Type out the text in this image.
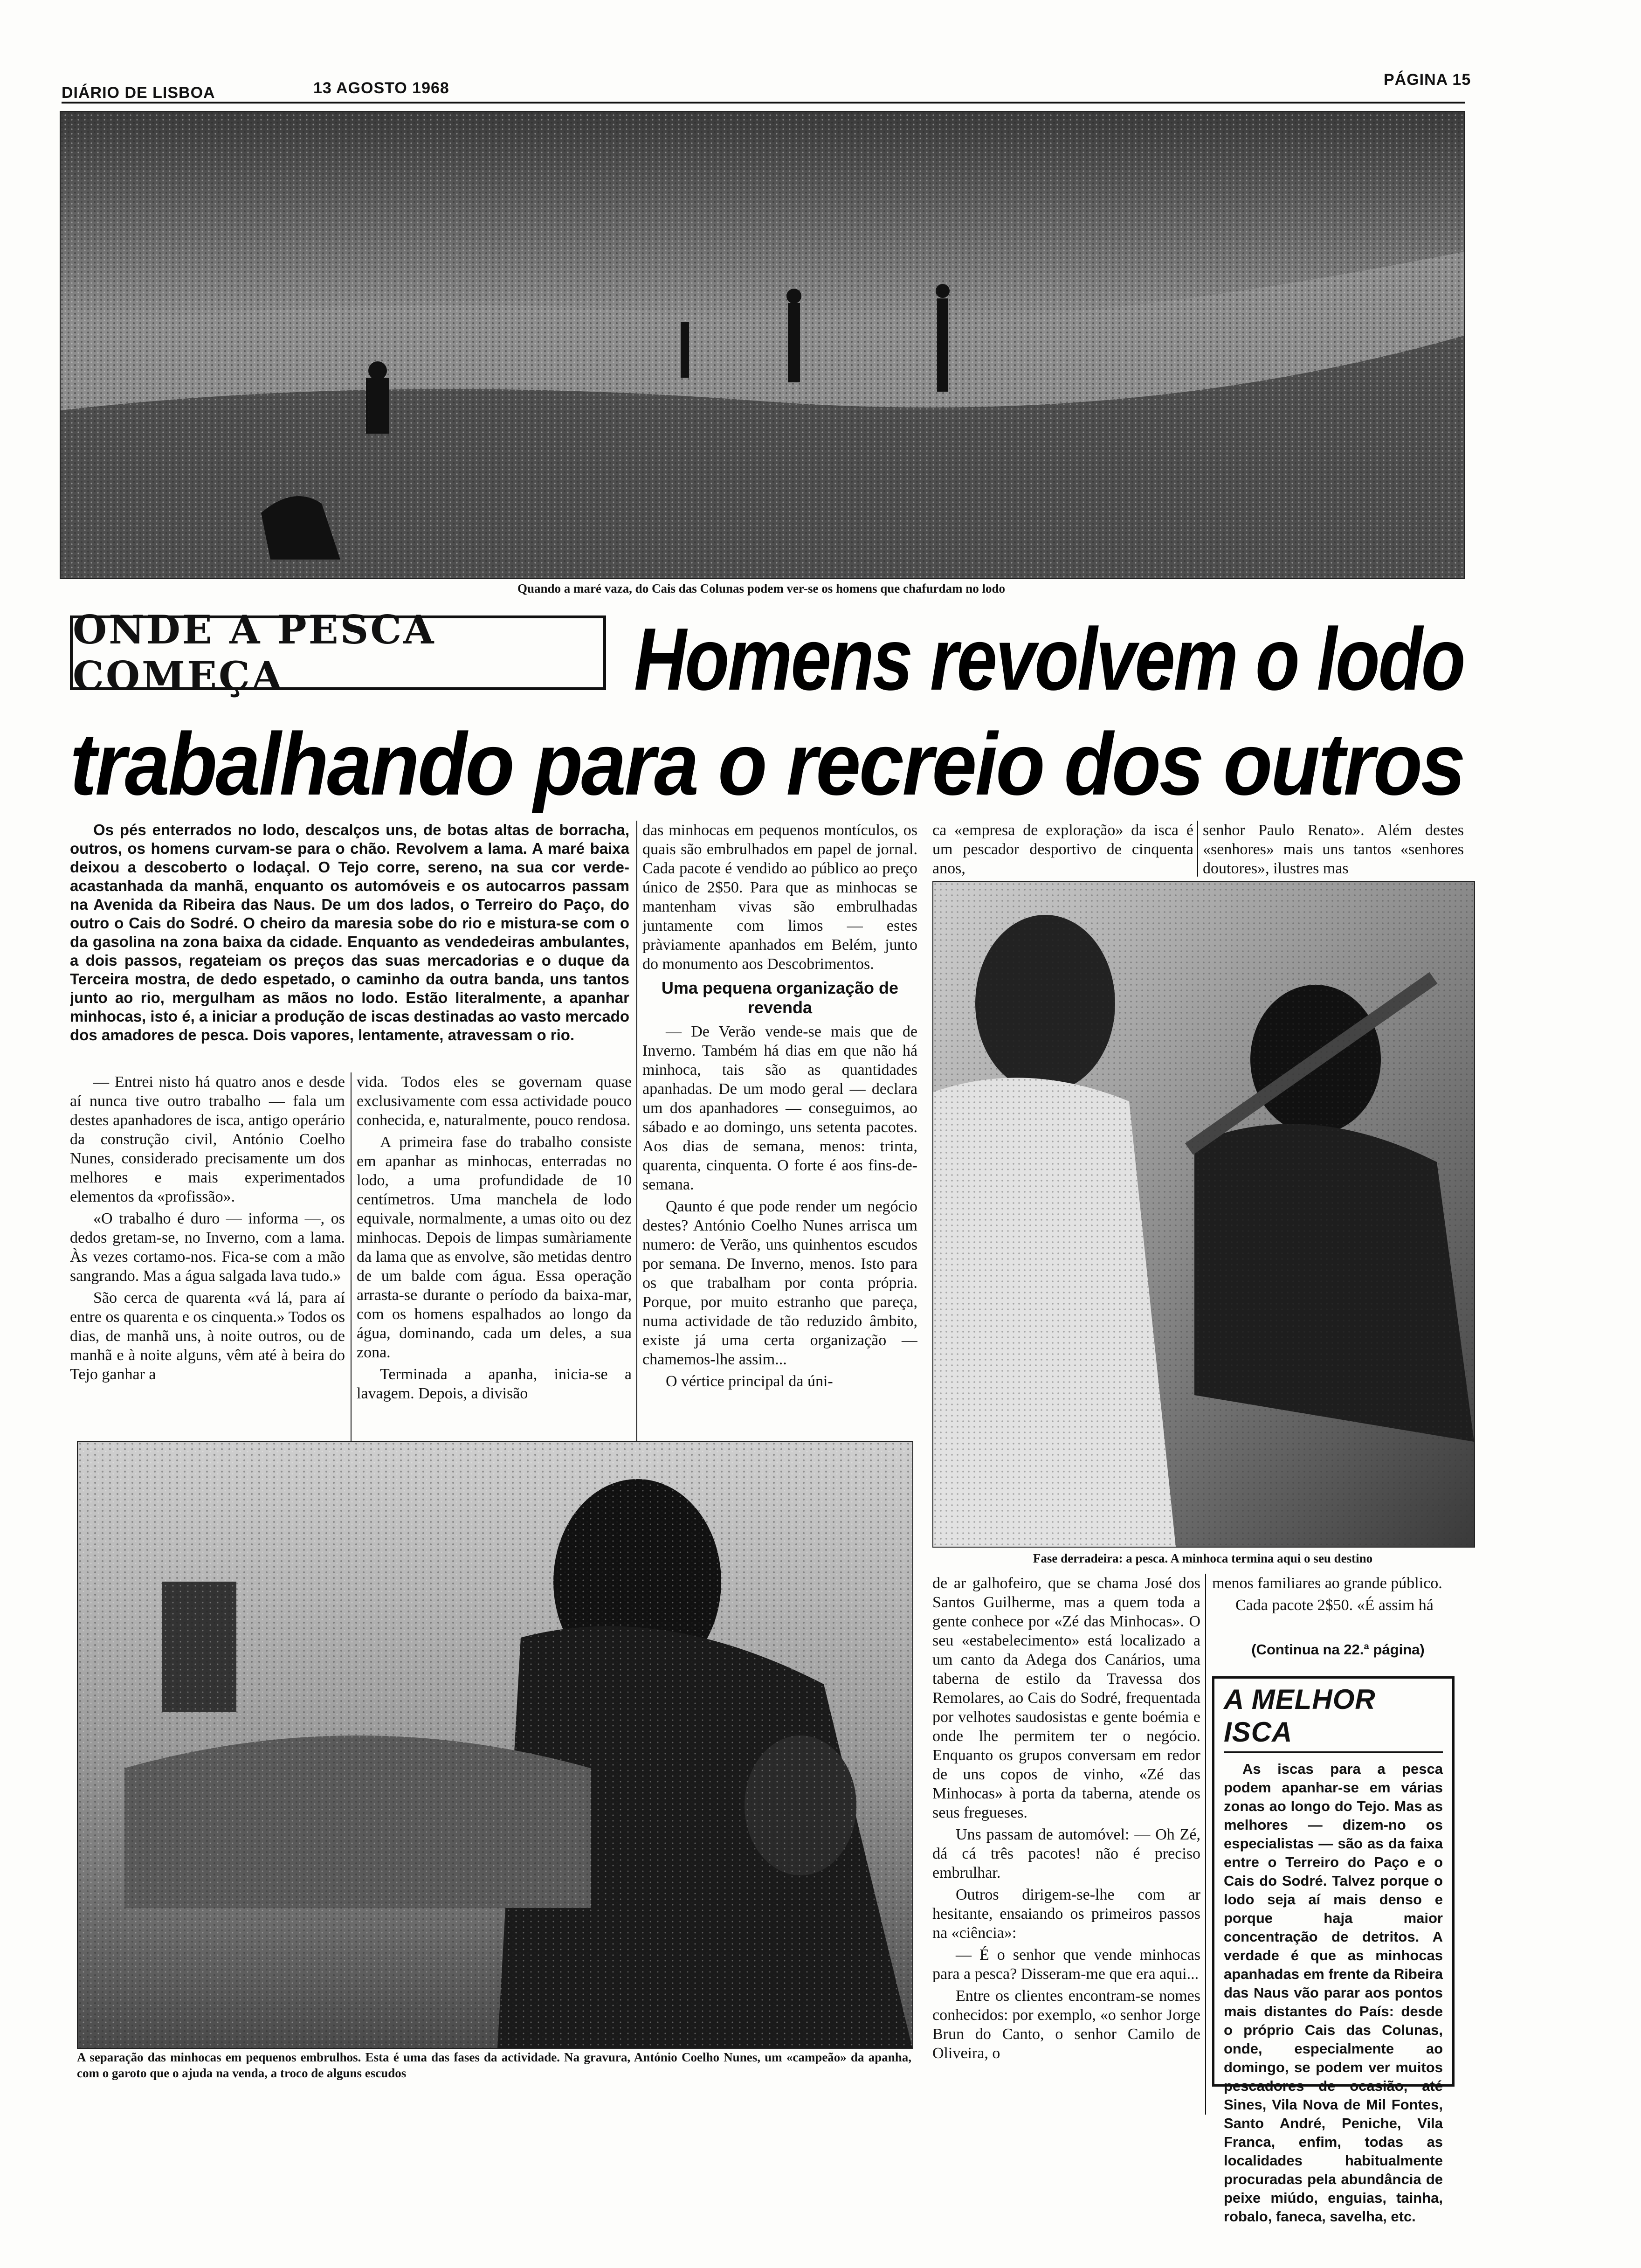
DIÁRIO DE LISBOA	13 AGOSTO 1968	PÁGINA 15
Quando a maré vaza, do Cais das Colunas podem ver-se os homens que chafurdam no lodo
ONDE A PESCA COMEÇA	Homens revolvem o lodo
trabalhando para o recreio dos outros

Os pés enterrados no lodo, descalços uns, de botas altas de borracha, outros, os homens curvam-se para o chão. Revolvem a lama. A maré baixa deixou a descoberto o lodaçal. O Tejo corre, sereno, na sua cor verde-acastanhada da manhã, enquanto os automóveis e os autocarros passam na Avenida da Ribeira das Naus. De um dos lados, o Terreiro do Paço, do outro o Cais do Sodré. O cheiro da maresia sobe do rio e mistura-se com o da gasolina na zona baixa da cidade. Enquanto as vendedeiras ambulantes, a dois passos, regateiam os preços das suas mercadorias e o duque da Terceira mostra, de dedo espetado, o caminho da outra banda, uns tantos junto ao rio, mergulham as mãos no lodo. Estão literalmente, a apanhar minhocas, isto é, a iniciar a produção de iscas destinadas ao vasto mercado dos amadores de pesca. Dois vapores, lentamente, atravessam o rio.

— Entrei nisto há quatro anos e desde aí nunca tive outro trabalho — fala um destes apanhadores de isca, antigo operário da construção civil, António Coelho Nunes, considerado precisamente um dos melhores e mais experimentados elementos da «profissão».

«O trabalho é duro — informa —, os dedos gretam-se, no Inverno, com a lama. Às vezes cortamo-nos. Fica-se com a mão sangrando. Mas a água salgada lava tudo.»

São cerca de quarenta «vá lá, para aí entre os quarenta e os cinquenta.» Todos os dias, de manhã uns, à noite outros, ou de manhã e à noite alguns, vêm até à beira do Tejo ganhar a

vida. Todos eles se governam quase exclusivamente com essa actividade pouco conhecida, e, naturalmente, pouco rendosa.

A primeira fase do trabalho consiste em apanhar as minhocas, enterradas no lodo, a uma profundidade de 10 centímetros. Uma manchela de lodo equivale, normalmente, a umas oito ou dez minhocas. Depois de limpas sumàriamente da lama que as envolve, são metidas dentro de um balde com água. Essa operação arrasta-se durante o período da baixa-mar, com os homens espalhados ao longo da água, dominando, cada um deles, a sua zona.

Terminada a apanha, inicia-se a lavagem. Depois, a divisão

das minhocas em pequenos montículos, os quais são embrulhados em papel de jornal. Cada pacote é vendido ao público ao preço único de 2$50. Para que as minhocas se mantenham vivas são embrulhadas juntamente com limos — estes pràviamente apanhados em Belém, junto do monumento aos Descobrimentos.

Uma pequena organização de revenda

— De Verão vende-se mais que de Inverno. Também há dias em que não há minhoca, tais são as quantidades apanhadas. De um modo geral — declara um dos apanhadores — conseguimos, ao sábado e ao domingo, uns setenta pacotes. Aos dias de semana, menos: trinta, quarenta, cinquenta. O forte é aos fins-de-semana.

Qaunto é que pode render um negócio destes? António Coelho Nunes arrisca um numero: de Verão, uns quinhentos escudos por semana. De Inverno, menos. Isto para os que trabalham por conta própria. Porque, por muito estranho que pareça, numa actividade de tão reduzido âmbito, existe já uma certa organização — chamemos-lhe assim...

O vértice principal da úni-

ca «empresa de exploração» da isca é um pescador desportivo de cinquenta anos,

senhor Paulo Renato». Além destes «senhores» mais uns tantos «senhores doutores», ilustres mas

Fase derradeira: a pesca. A minhoca termina aqui o seu destino
A separação das minhocas em pequenos embrulhos. Esta é uma das fases da actividade. Na gravura, António Coelho Nunes, um «campeão» da apanha, com o garoto que o ajuda na venda, a troco de alguns escudos

de ar galhofeiro, que se chama José dos Santos Guilherme, mas a quem toda a gente conhece por «Zé das Minhocas». O seu «estabelecimento» está localizado a um canto da Adega dos Canários, uma taberna de estilo da Travessa dos Remolares, ao Cais do Sodré, frequentada por velhotes saudosistas e gente boémia e onde lhe permitem ter o negócio. Enquanto os grupos conversam em redor de uns copos de vinho, «Zé das Minhocas» à porta da taberna, atende os seus fregueses.

Uns passam de automóvel: — Oh Zé, dá cá três pacotes! não é preciso embrulhar.

Outros dirigem-se-lhe com ar hesitante, ensaiando os primeiros passos na «ciência»:

— É o senhor que vende minhocas para a pesca? Disseram-me que era aqui...

Entre os clientes encontram-se nomes conhecidos: por exemplo, «o senhor Jorge Brun do Canto, o senhor Camilo de Oliveira, o

menos familiares ao grande público.

Cada pacote 2$50. «É assim há

(Continua na 22.ª página)
A MELHOR ISCA

As iscas para a pesca podem apanhar-se em várias zonas ao longo do Tejo. Mas as melhores — dizem-no os especialistas — são as da faixa entre o Terreiro do Paço e o Cais do Sodré. Talvez porque o lodo seja aí mais denso e porque haja maior concentração de detritos. A verdade é que as minhocas apanhadas em frente da Ribeira das Naus vão parar aos pontos mais distantes do País: desde o próprio Cais das Colunas, onde, especialmente ao domingo, se podem ver muitos pescadores de ocasião, até Sines, Vila Nova de Mil Fontes, Santo André, Peniche, Vila Franca, enfim, todas as localidades habitualmente procuradas pela abundância de peixe miúdo, enguias, tainha, robalo, faneca, savelha, etc.
